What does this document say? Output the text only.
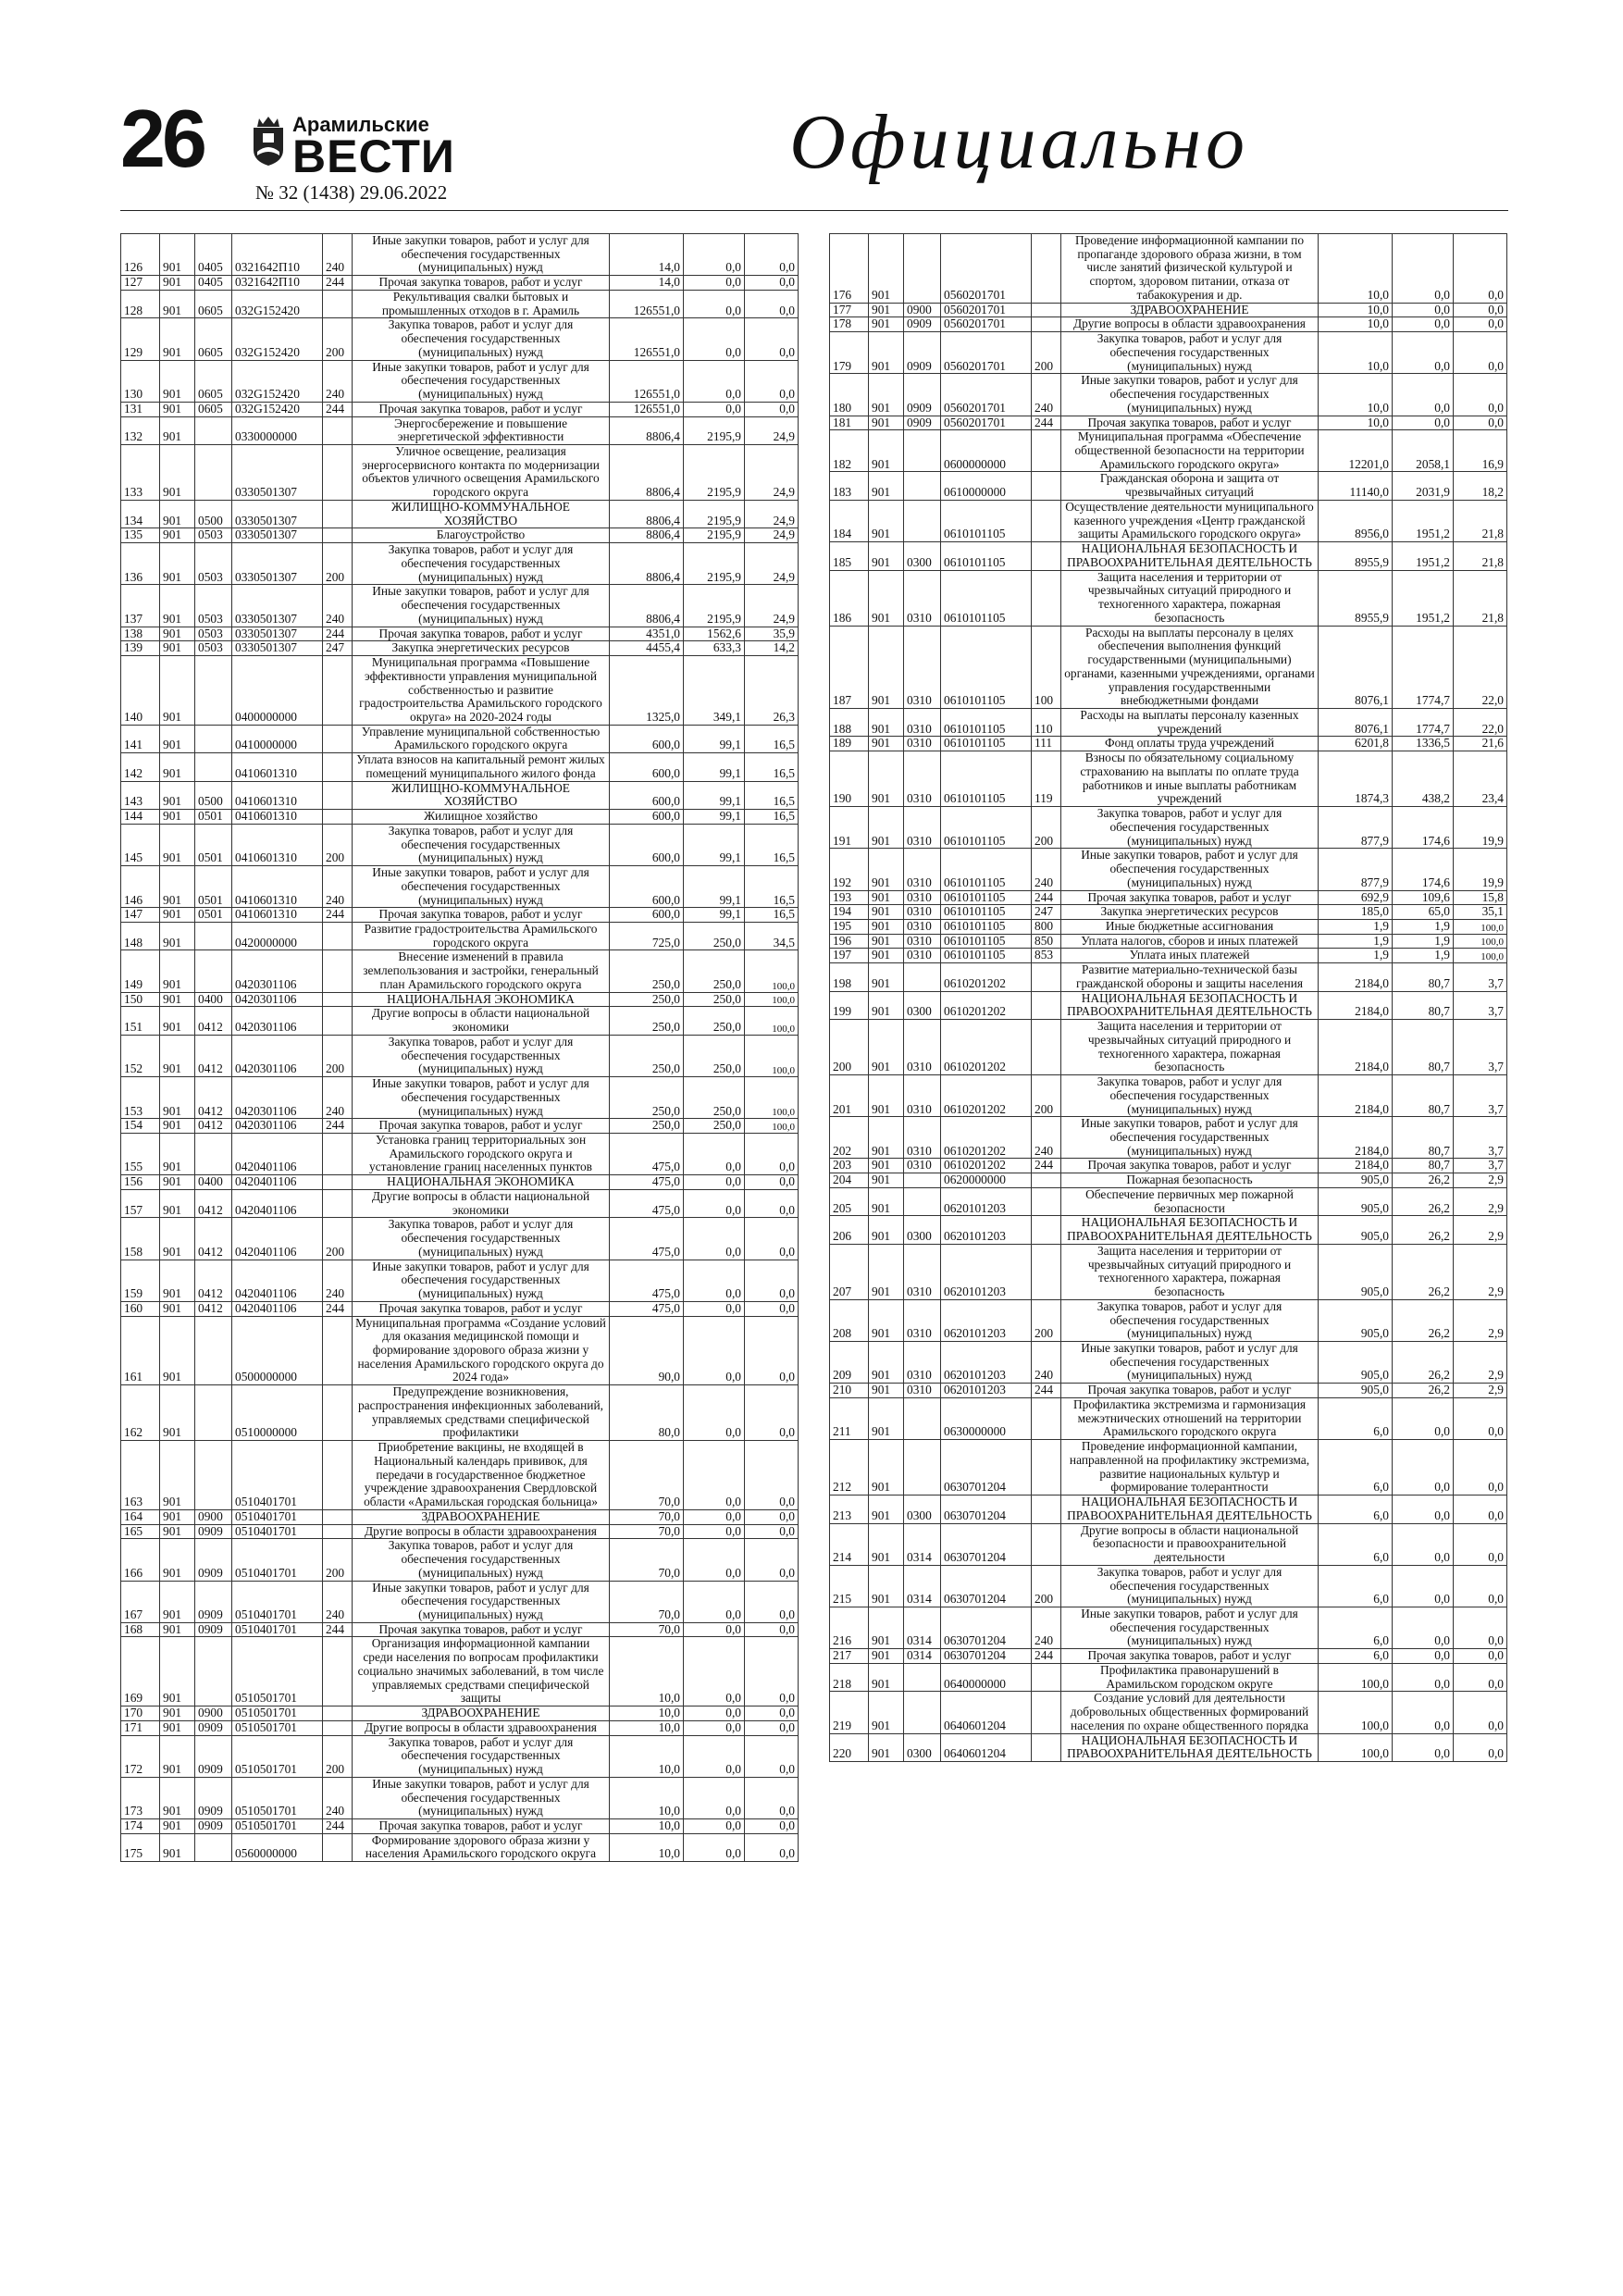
26	Арамильские
ВЕСТИ
№ 32 (1438) 29.06.2022
Официально
126	901	0405	0321642П10	240	Иные закупки товаров, работ и услуг для обеспечения государственных (муниципальных) нужд	14,0	0,0	0,0
127	901	0405	0321642П10	244	Прочая закупка товаров, работ и услуг	14,0	0,0	0,0
128	901	0605	032G152420		Рекультивация свалки бытовых и промышленных отходов в г. Арамиль	126551,0	0,0	0,0
129	901	0605	032G152420	200	Закупка товаров, работ и услуг для обеспечения государственных (муниципальных) нужд	126551,0	0,0	0,0
130	901	0605	032G152420	240	Иные закупки товаров, работ и услуг для обеспечения государственных (муниципальных) нужд	126551,0	0,0	0,0
131	901	0605	032G152420	244	Прочая закупка товаров, работ и услуг	126551,0	0,0	0,0
132	901		0330000000		Энергосбережение и повышение энергетической эффективности	8806,4	2195,9	24,9
133	901		0330501307		Уличное освещение, реализация энергосервисного контакта по модернизации объектов уличного освещения Арамильского городского округа	8806,4	2195,9	24,9
134	901	0500	0330501307		ЖИЛИЩНО-КОММУНАЛЬНОЕ ХОЗЯЙСТВО	8806,4	2195,9	24,9
135	901	0503	0330501307		Благоустройство	8806,4	2195,9	24,9
136	901	0503	0330501307	200	Закупка товаров, работ и услуг для обеспечения государственных (муниципальных) нужд	8806,4	2195,9	24,9
137	901	0503	0330501307	240	Иные закупки товаров, работ и услуг для обеспечения государственных (муниципальных) нужд	8806,4	2195,9	24,9
138	901	0503	0330501307	244	Прочая закупка товаров, работ и услуг	4351,0	1562,6	35,9
139	901	0503	0330501307	247	Закупка энергетических ресурсов	4455,4	633,3	14,2
140	901		0400000000		Муниципальная программа «Повышение эффективности управления муниципальной собственностью и развитие градостроительства Арамильского городского округа» на 2020-2024 годы	1325,0	349,1	26,3
141	901		0410000000		Управление муниципальной собственностью Арамильского городского округа	600,0	99,1	16,5
142	901		0410601310		Уплата взносов на капитальный ремонт жилых помещений муниципального жилого фонда	600,0	99,1	16,5
143	901	0500	0410601310		ЖИЛИЩНО-КОММУНАЛЬНОЕ ХОЗЯЙСТВО	600,0	99,1	16,5
144	901	0501	0410601310		Жилищное хозяйство	600,0	99,1	16,5
145	901	0501	0410601310	200	Закупка товаров, работ и услуг для обеспечения государственных (муниципальных) нужд	600,0	99,1	16,5
146	901	0501	0410601310	240	Иные закупки товаров, работ и услуг для обеспечения государственных (муниципальных) нужд	600,0	99,1	16,5
147	901	0501	0410601310	244	Прочая закупка товаров, работ и услуг	600,0	99,1	16,5
148	901		0420000000		Развитие градостроительства Арамильского городского округа	725,0	250,0	34,5
149	901		0420301106		Внесение изменений в правила землепользования и застройки, генеральный план Арамильского городского округа	250,0	250,0	100,0
150	901	0400	0420301106		НАЦИОНАЛЬНАЯ ЭКОНОМИКА	250,0	250,0	100,0
151	901	0412	0420301106		Другие вопросы в области национальной экономики	250,0	250,0	100,0
152	901	0412	0420301106	200	Закупка товаров, работ и услуг для обеспечения государственных (муниципальных) нужд	250,0	250,0	100,0
153	901	0412	0420301106	240	Иные закупки товаров, работ и услуг для обеспечения государственных (муниципальных) нужд	250,0	250,0	100,0
154	901	0412	0420301106	244	Прочая закупка товаров, работ и услуг	250,0	250,0	100,0
155	901		0420401106		Установка границ территориальных зон Арамильского городского округа и установление границ населенных пунктов	475,0	0,0	0,0
156	901	0400	0420401106		НАЦИОНАЛЬНАЯ ЭКОНОМИКА	475,0	0,0	0,0
157	901	0412	0420401106		Другие вопросы в области национальной экономики	475,0	0,0	0,0
158	901	0412	0420401106	200	Закупка товаров, работ и услуг для обеспечения государственных (муниципальных) нужд	475,0	0,0	0,0
159	901	0412	0420401106	240	Иные закупки товаров, работ и услуг для обеспечения государственных (муниципальных) нужд	475,0	0,0	0,0
160	901	0412	0420401106	244	Прочая закупка товаров, работ и услуг	475,0	0,0	0,0
161	901		0500000000		Муниципальная программа «Создание условий для оказания медицинской помощи и формирование здорового образа жизни у населения Арамильского городского округа до 2024 года»	90,0	0,0	0,0
162	901		0510000000		Предупреждение возникновения, распространения инфекционных заболеваний, управляемых средствами специфической профилактики	80,0	0,0	0,0
163	901		0510401701		Приобретение вакцины, не входящей в Национальный календарь прививок, для передачи в государственное бюджетное учреждение здравоохранения Свердловской области «Арамильская городская больница»	70,0	0,0	0,0
164	901	0900	0510401701		ЗДРАВООХРАНЕНИЕ	70,0	0,0	0,0
165	901	0909	0510401701		Другие вопросы в области здравоохранения	70,0	0,0	0,0
166	901	0909	0510401701	200	Закупка товаров, работ и услуг для обеспечения государственных (муниципальных) нужд	70,0	0,0	0,0
167	901	0909	0510401701	240	Иные закупки товаров, работ и услуг для обеспечения государственных (муниципальных) нужд	70,0	0,0	0,0
168	901	0909	0510401701	244	Прочая закупка товаров, работ и услуг	70,0	0,0	0,0
169	901		0510501701		Организация информационной кампании среди населения по вопросам профилактики социально значимых заболеваний, в том числе управляемых средствами специфической защиты	10,0	0,0	0,0
170	901	0900	0510501701		ЗДРАВООХРАНЕНИЕ	10,0	0,0	0,0
171	901	0909	0510501701		Другие вопросы в области здравоохранения	10,0	0,0	0,0
172	901	0909	0510501701	200	Закупка товаров, работ и услуг для обеспечения государственных (муниципальных) нужд	10,0	0,0	0,0
173	901	0909	0510501701	240	Иные закупки товаров, работ и услуг для обеспечения государственных (муниципальных) нужд	10,0	0,0	0,0
174	901	0909	0510501701	244	Прочая закупка товаров, работ и услуг	10,0	0,0	0,0
175	901		0560000000		Формирование здорового образа жизни у населения Арамильского городского округа	10,0	0,0	0,0
176	901		0560201701		Проведение информационной кампании по пропаганде здорового образа жизни, в том числе занятий физической культурой и спортом, здоровом питании, отказа от табакокурения и др.	10,0	0,0	0,0
177	901	0900	0560201701		ЗДРАВООХРАНЕНИЕ	10,0	0,0	0,0
178	901	0909	0560201701		Другие вопросы в области здравоохранения	10,0	0,0	0,0
179	901	0909	0560201701	200	Закупка товаров, работ и услуг для обеспечения государственных (муниципальных) нужд	10,0	0,0	0,0
180	901	0909	0560201701	240	Иные закупки товаров, работ и услуг для обеспечения государственных (муниципальных) нужд	10,0	0,0	0,0
181	901	0909	0560201701	244	Прочая закупка товаров, работ и услуг	10,0	0,0	0,0
182	901		0600000000		Муниципальная программа «Обеспечение общественной безопасности на территории Арамильского городского округа»	12201,0	2058,1	16,9
183	901		0610000000		Гражданская оборона и защита от чрезвычайных ситуаций	11140,0	2031,9	18,2
184	901		0610101105		Осуществление деятельности муниципального казенного учреждения «Центр гражданской защиты Арамильского городского округа»	8956,0	1951,2	21,8
185	901	0300	0610101105		НАЦИОНАЛЬНАЯ БЕЗОПАСНОСТЬ И ПРАВООХРАНИТЕЛЬНАЯ ДЕЯТЕЛЬНОСТЬ	8955,9	1951,2	21,8
186	901	0310	0610101105		Защита населения и территории от чрезвычайных ситуаций природного и техногенного характера, пожарная безопасность	8955,9	1951,2	21,8
187	901	0310	0610101105	100	Расходы на выплаты персоналу в целях обеспечения выполнения функций государственными (муниципальными) органами, казенными учреждениями, органами управления государственными внебюджетными фондами	8076,1	1774,7	22,0
188	901	0310	0610101105	110	Расходы на выплаты персоналу казенных учреждений	8076,1	1774,7	22,0
189	901	0310	0610101105	111	Фонд оплаты труда учреждений	6201,8	1336,5	21,6
190	901	0310	0610101105	119	Взносы по обязательному социальному страхованию на выплаты по оплате труда работников и иные выплаты работникам учреждений	1874,3	438,2	23,4
191	901	0310	0610101105	200	Закупка товаров, работ и услуг для обеспечения государственных (муниципальных) нужд	877,9	174,6	19,9
192	901	0310	0610101105	240	Иные закупки товаров, работ и услуг для обеспечения государственных (муниципальных) нужд	877,9	174,6	19,9
193	901	0310	0610101105	244	Прочая закупка товаров, работ и услуг	692,9	109,6	15,8
194	901	0310	0610101105	247	Закупка энергетических ресурсов	185,0	65,0	35,1
195	901	0310	0610101105	800	Иные бюджетные ассигнования	1,9	1,9	100,0
196	901	0310	0610101105	850	Уплата налогов, сборов и иных платежей	1,9	1,9	100,0
197	901	0310	0610101105	853	Уплата иных платежей	1,9	1,9	100,0
198	901		0610201202		Развитие материально-технической базы гражданской обороны и защиты населения	2184,0	80,7	3,7
199	901	0300	0610201202		НАЦИОНАЛЬНАЯ БЕЗОПАСНОСТЬ И ПРАВООХРАНИТЕЛЬНАЯ ДЕЯТЕЛЬНОСТЬ	2184,0	80,7	3,7
200	901	0310	0610201202		Защита населения и территории от чрезвычайных ситуаций природного и техногенного характера, пожарная безопасность	2184,0	80,7	3,7
201	901	0310	0610201202	200	Закупка товаров, работ и услуг для обеспечения государственных (муниципальных) нужд	2184,0	80,7	3,7
202	901	0310	0610201202	240	Иные закупки товаров, работ и услуг для обеспечения государственных (муниципальных) нужд	2184,0	80,7	3,7
203	901	0310	0610201202	244	Прочая закупка товаров, работ и услуг	2184,0	80,7	3,7
204	901		0620000000		Пожарная безопасность	905,0	26,2	2,9
205	901		0620101203		Обеспечение первичных мер пожарной безопасности	905,0	26,2	2,9
206	901	0300	0620101203		НАЦИОНАЛЬНАЯ БЕЗОПАСНОСТЬ И ПРАВООХРАНИТЕЛЬНАЯ ДЕЯТЕЛЬНОСТЬ	905,0	26,2	2,9
207	901	0310	0620101203		Защита населения и территории от чрезвычайных ситуаций природного и техногенного характера, пожарная безопасность	905,0	26,2	2,9
208	901	0310	0620101203	200	Закупка товаров, работ и услуг для обеспечения государственных (муниципальных) нужд	905,0	26,2	2,9
209	901	0310	0620101203	240	Иные закупки товаров, работ и услуг для обеспечения государственных (муниципальных) нужд	905,0	26,2	2,9
210	901	0310	0620101203	244	Прочая закупка товаров, работ и услуг	905,0	26,2	2,9
211	901		0630000000		Профилактика экстремизма и гармонизация межэтнических отношений на территории Арамильского городского округа	6,0	0,0	0,0
212	901		0630701204		Проведение информационной кампании, направленной на профилактику экстремизма, развитие национальных культур и формирование толерантности	6,0	0,0	0,0
213	901	0300	0630701204		НАЦИОНАЛЬНАЯ БЕЗОПАСНОСТЬ И ПРАВООХРАНИТЕЛЬНАЯ ДЕЯТЕЛЬНОСТЬ	6,0	0,0	0,0
214	901	0314	0630701204		Другие вопросы в области национальной безопасности и правоохранительной деятельности	6,0	0,0	0,0
215	901	0314	0630701204	200	Закупка товаров, работ и услуг для обеспечения государственных (муниципальных) нужд	6,0	0,0	0,0
216	901	0314	0630701204	240	Иные закупки товаров, работ и услуг для обеспечения государственных (муниципальных) нужд	6,0	0,0	0,0
217	901	0314	0630701204	244	Прочая закупка товаров, работ и услуг	6,0	0,0	0,0
218	901		0640000000		Профилактика правонарушений в Арамильском городском округе	100,0	0,0	0,0
219	901		0640601204		Создание условий для деятельности добровольных общественных формирований населения по охране общественного порядка	100,0	0,0	0,0
220	901	0300	0640601204		НАЦИОНАЛЬНАЯ БЕЗОПАСНОСТЬ И ПРАВООХРАНИТЕЛЬНАЯ ДЕЯТЕЛЬНОСТЬ	100,0	0,0	0,0
